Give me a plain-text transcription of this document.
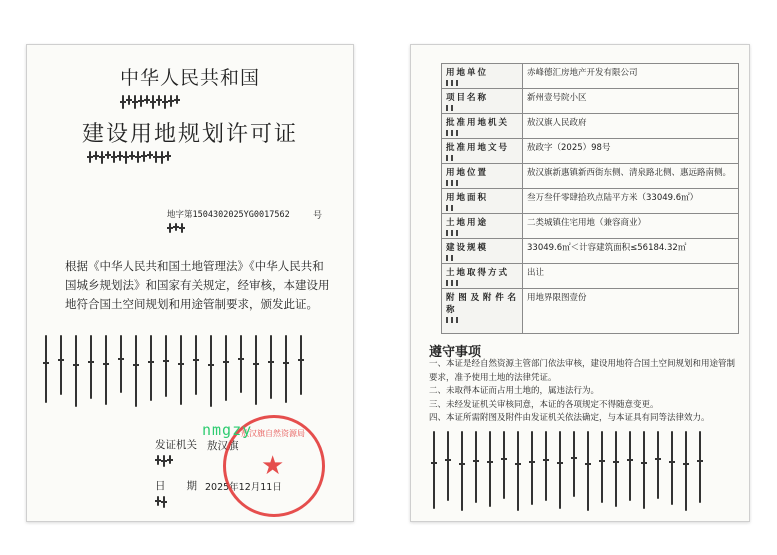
中华人民共和国
建设用地规划许可证
地字第1504302025YG0017562	号
根据《中华人民共和国土地管理法》《中华人民共和国城乡规划法》和国家有关规定，经审核，本建设用地符合国土空间规划和用途管制要求，颁发此证。
发证机关 敖汉旗
日　　期 2025年12月11日
★
敖汉旗自然资源局
nmgzy
用地单位	赤峰德汇房地产开发有限公司

项目名称	新州壹号院小区

批准用地机关	敖汉旗人民政府

批准用地文号	敖政字（2025）98号

用地位置	敖汉旗新惠镇新西街东侧、清泉路北侧、惠远路南侧。

用地面积	叁万叁仟零肆拾玖点陆平方米（33049.6㎡）

土地用途	二类城镇住宅用地（兼容商业）

建设规模	33049.6㎡＜计容建筑面积≤56184.32㎡

土地取得方式	出让

附图及附件名称	用地界限图壹份
遵守事项
一、本证是经自然资源主管部门依法审核，建设用地符合国土空间规划和用途管制要求，准予使用土地的法律凭证。
二、未取得本证而占用土地的，属违法行为。
三、未经发证机关审核同意，本证的各项规定不得随意变更。
四、本证所需附图及附件由发证机关依法确定，与本证具有同等法律效力。
